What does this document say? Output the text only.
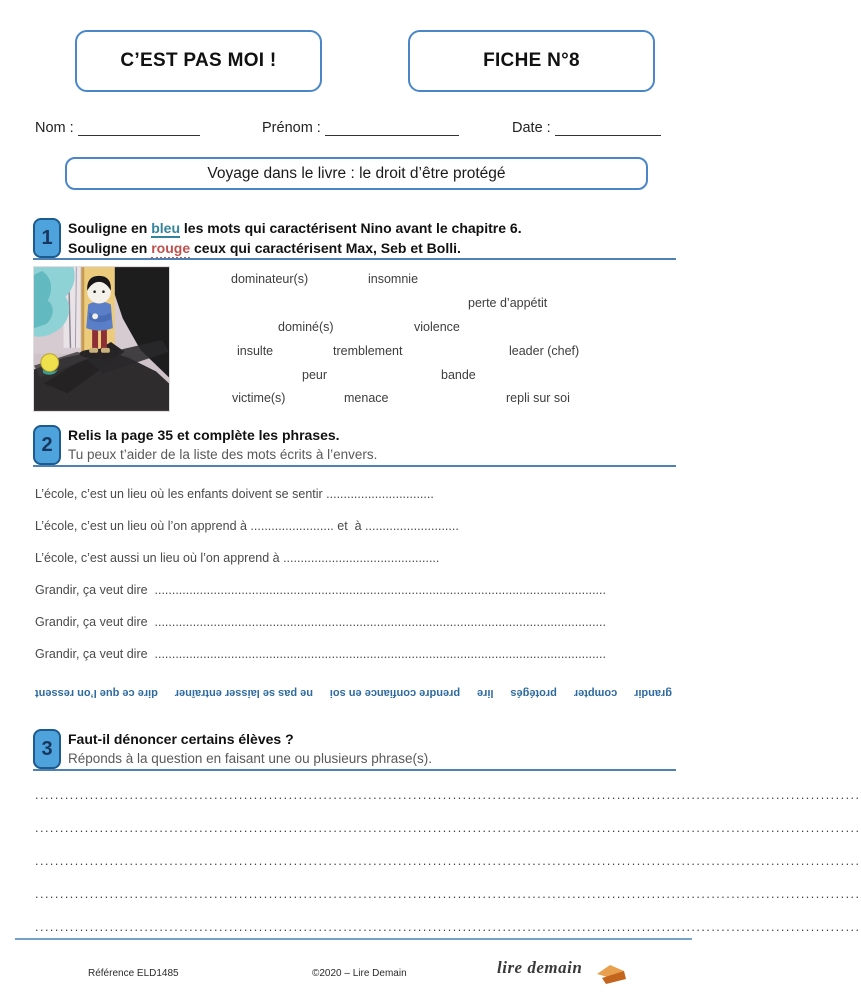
C’EST PAS MOI !	FICHE N°8
Nom :	Prénom :	Date :
Voyage dans le livre : le droit d’être protégé
1 Souligne en bleu les mots qui caractérisent Nino avant le chapitre 6.
Souligne en rouge ceux qui caractérisent Max, Seb et Bolli.
dominateur(s)	insomnie
perte d’appétit
dominé(s)	violence
insulte	tremblement	leader (chef)
peur	bande
victime(s)	menace	repli sur soi
2 Relis la page 35 et complète les phrases.
Tu peux t’aider de la liste des mots écrits à l’envers.
L’école, c’est un lieu où les enfants doivent se sentir ...............................
L’école, c’est un lieu où l’on apprend à ........................ et  à ...........................
L’école, c’est aussi un lieu où l’on apprend à .............................................
Grandir, ça veut dire  ..................................................................................................................................
Grandir, ça veut dire  ..................................................................................................................................
Grandir, ça veut dire  ..................................................................................................................................
grandir
compter
protégés
lire
prendre confiance en soi
ne pas se laisser entraîner
dire ce que l’on ressent
3 Faut-il dénoncer certains élèves ?
Réponds à la question en faisant une ou plusieurs phrase(s).
......................................................................................................................................................................
......................................................................................................................................................................
......................................................................................................................................................................
......................................................................................................................................................................
......................................................................................................................................................................
Référence ELD1485	©2020 – Lire Demain	lire demain
